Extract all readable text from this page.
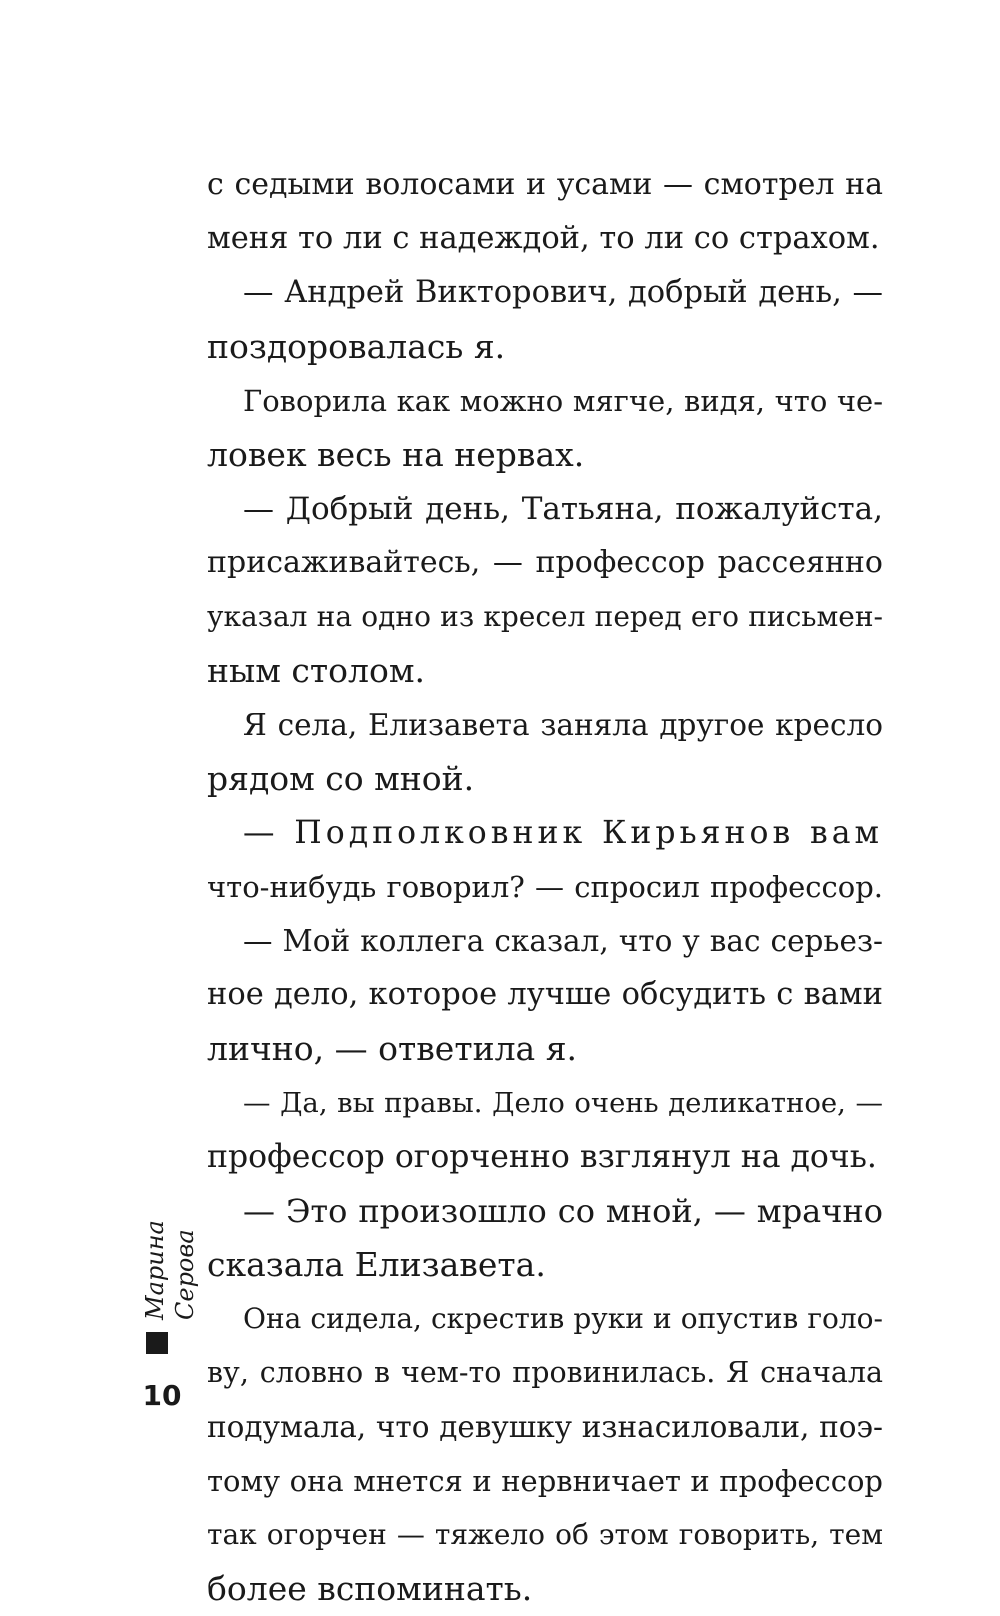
с седыми волосами и усами — смотрел на
меня то ли с надеждой, то ли со страхом.
— Андрей Викторович, добрый день, —
поздоровалась я.
Говорила как можно мягче, видя, что че-
ловек весь на нервах.
— Добрый день, Татьяна, пожалуйста,
присаживайтесь, — профессор рассеянно
указал на одно из кресел перед его письмен-
ным столом.
Я села, Елизавета заняла другое кресло
рядом со мной.
— Подполковник Кирьянов вам
что-нибудь говорил? — спросил профессор.
— Мой коллега сказал, что у вас серьез-
ное дело, которое лучше обсудить с вами
лично, — ответила я.
— Да, вы правы. Дело очень деликатное, —
профессор огорченно взглянул на дочь.
— Это произошло со мной, — мрачно
сказала Елизавета.
Она сидела, скрестив руки и опустив голо-
ву, словно в чем-то провинилась. Я сначала
подумала, что девушку изнасиловали, поэ-
тому она мнется и нервничает и профессор
так огорчен — тяжело об этом говорить, тем
более вспоминать.
Марина Серова
10
